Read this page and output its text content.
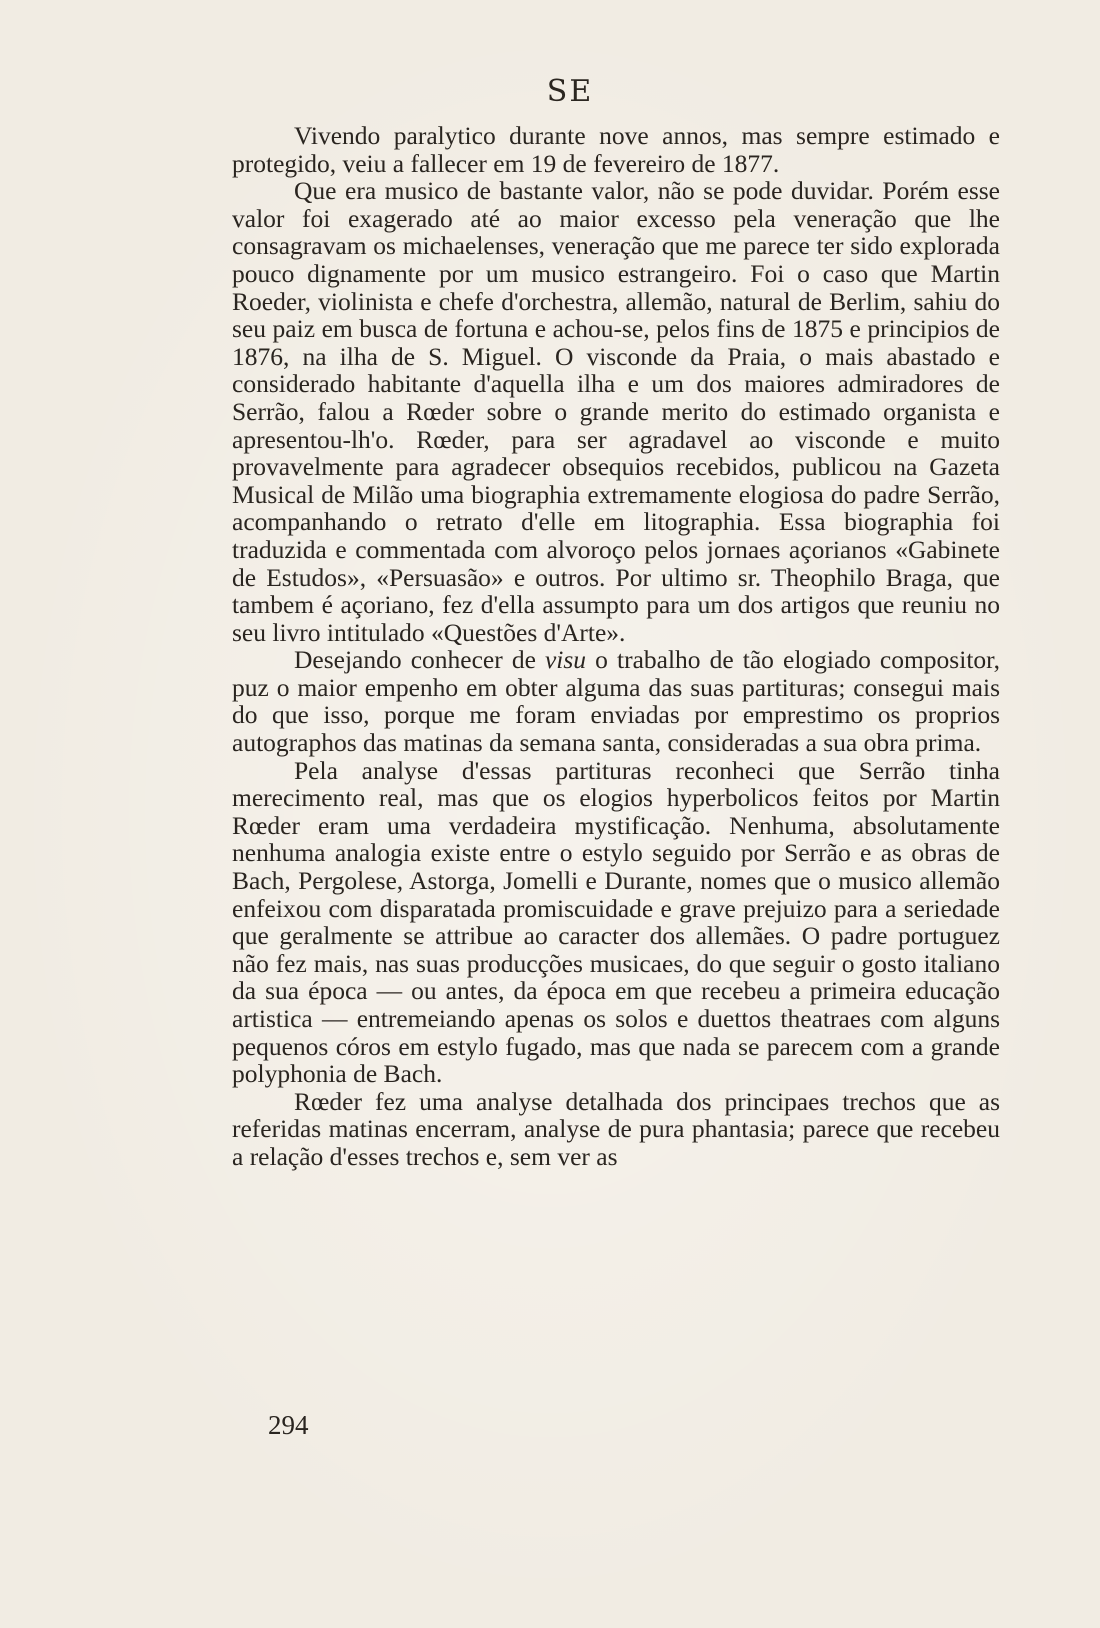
SE

Vivendo paralytico durante nove annos, mas sempre estimado e protegido, veiu a fallecer em 19 de fevereiro de 1877.

Que era musico de bastante valor, não se pode duvidar. Porém esse valor foi exagerado até ao maior excesso pela veneração que lhe consagravam os michaelenses, veneração que me parece ter sido explorada pouco dignamente por um musico estrangeiro. Foi o caso que Martin Roeder, violinista e chefe d'orchestra, allemão, natural de Berlim, sahiu do seu paiz em busca de fortuna e achou-se, pelos fins de 1875 e principios de 1876, na ilha de S. Miguel. O visconde da Praia, o mais abastado e considerado habitante d'aquella ilha e um dos maiores admiradores de Serrão, falou a Rœder sobre o grande merito do estimado organista e apresentou-lh'o. Rœder, para ser agradavel ao visconde e muito provavelmente para agradecer obsequios recebidos, publicou na Gazeta Musical de Milão uma biographia extremamente elogiosa do padre Serrão, acompanhando o retrato d'elle em litographia. Essa biographia foi traduzida e commentada com alvoroço pelos jornaes açorianos «Gabinete de Estudos», «Persuasão» e outros. Por ultimo sr. Theophilo Braga, que tambem é açoriano, fez d'ella assumpto para um dos artigos que reuniu no seu livro intitulado «Questões d'Arte».

Desejando conhecer de visu o trabalho de tão elogiado compositor, puz o maior empenho em obter alguma das suas partituras; consegui mais do que isso, porque me foram enviadas por emprestimo os proprios autographos das matinas da semana santa, consideradas a sua obra prima.

Pela analyse d'essas partituras reconheci que Serrão tinha merecimento real, mas que os elogios hyperbolicos feitos por Martin Rœder eram uma verdadeira mystificação. Nenhuma, absolutamente nenhuma analogia existe entre o estylo seguido por Serrão e as obras de Bach, Pergolese, Astorga, Jomelli e Durante, nomes que o musico allemão enfeixou com disparatada promiscuidade e grave prejuizo para a seriedade que geralmente se attribue ao caracter dos allemães. O padre portuguez não fez mais, nas suas producções musicaes, do que seguir o gosto italiano da sua época — ou antes, da época em que recebeu a primeira educação artistica — entremeiando apenas os solos e duettos theatraes com alguns pequenos córos em estylo fugado, mas que nada se parecem com a grande polyphonia de Bach.

Rœder fez uma analyse detalhada dos principaes trechos que as referidas matinas encerram, analyse de pura phantasia; parece que recebeu a relação d'esses trechos e, sem ver as

294
